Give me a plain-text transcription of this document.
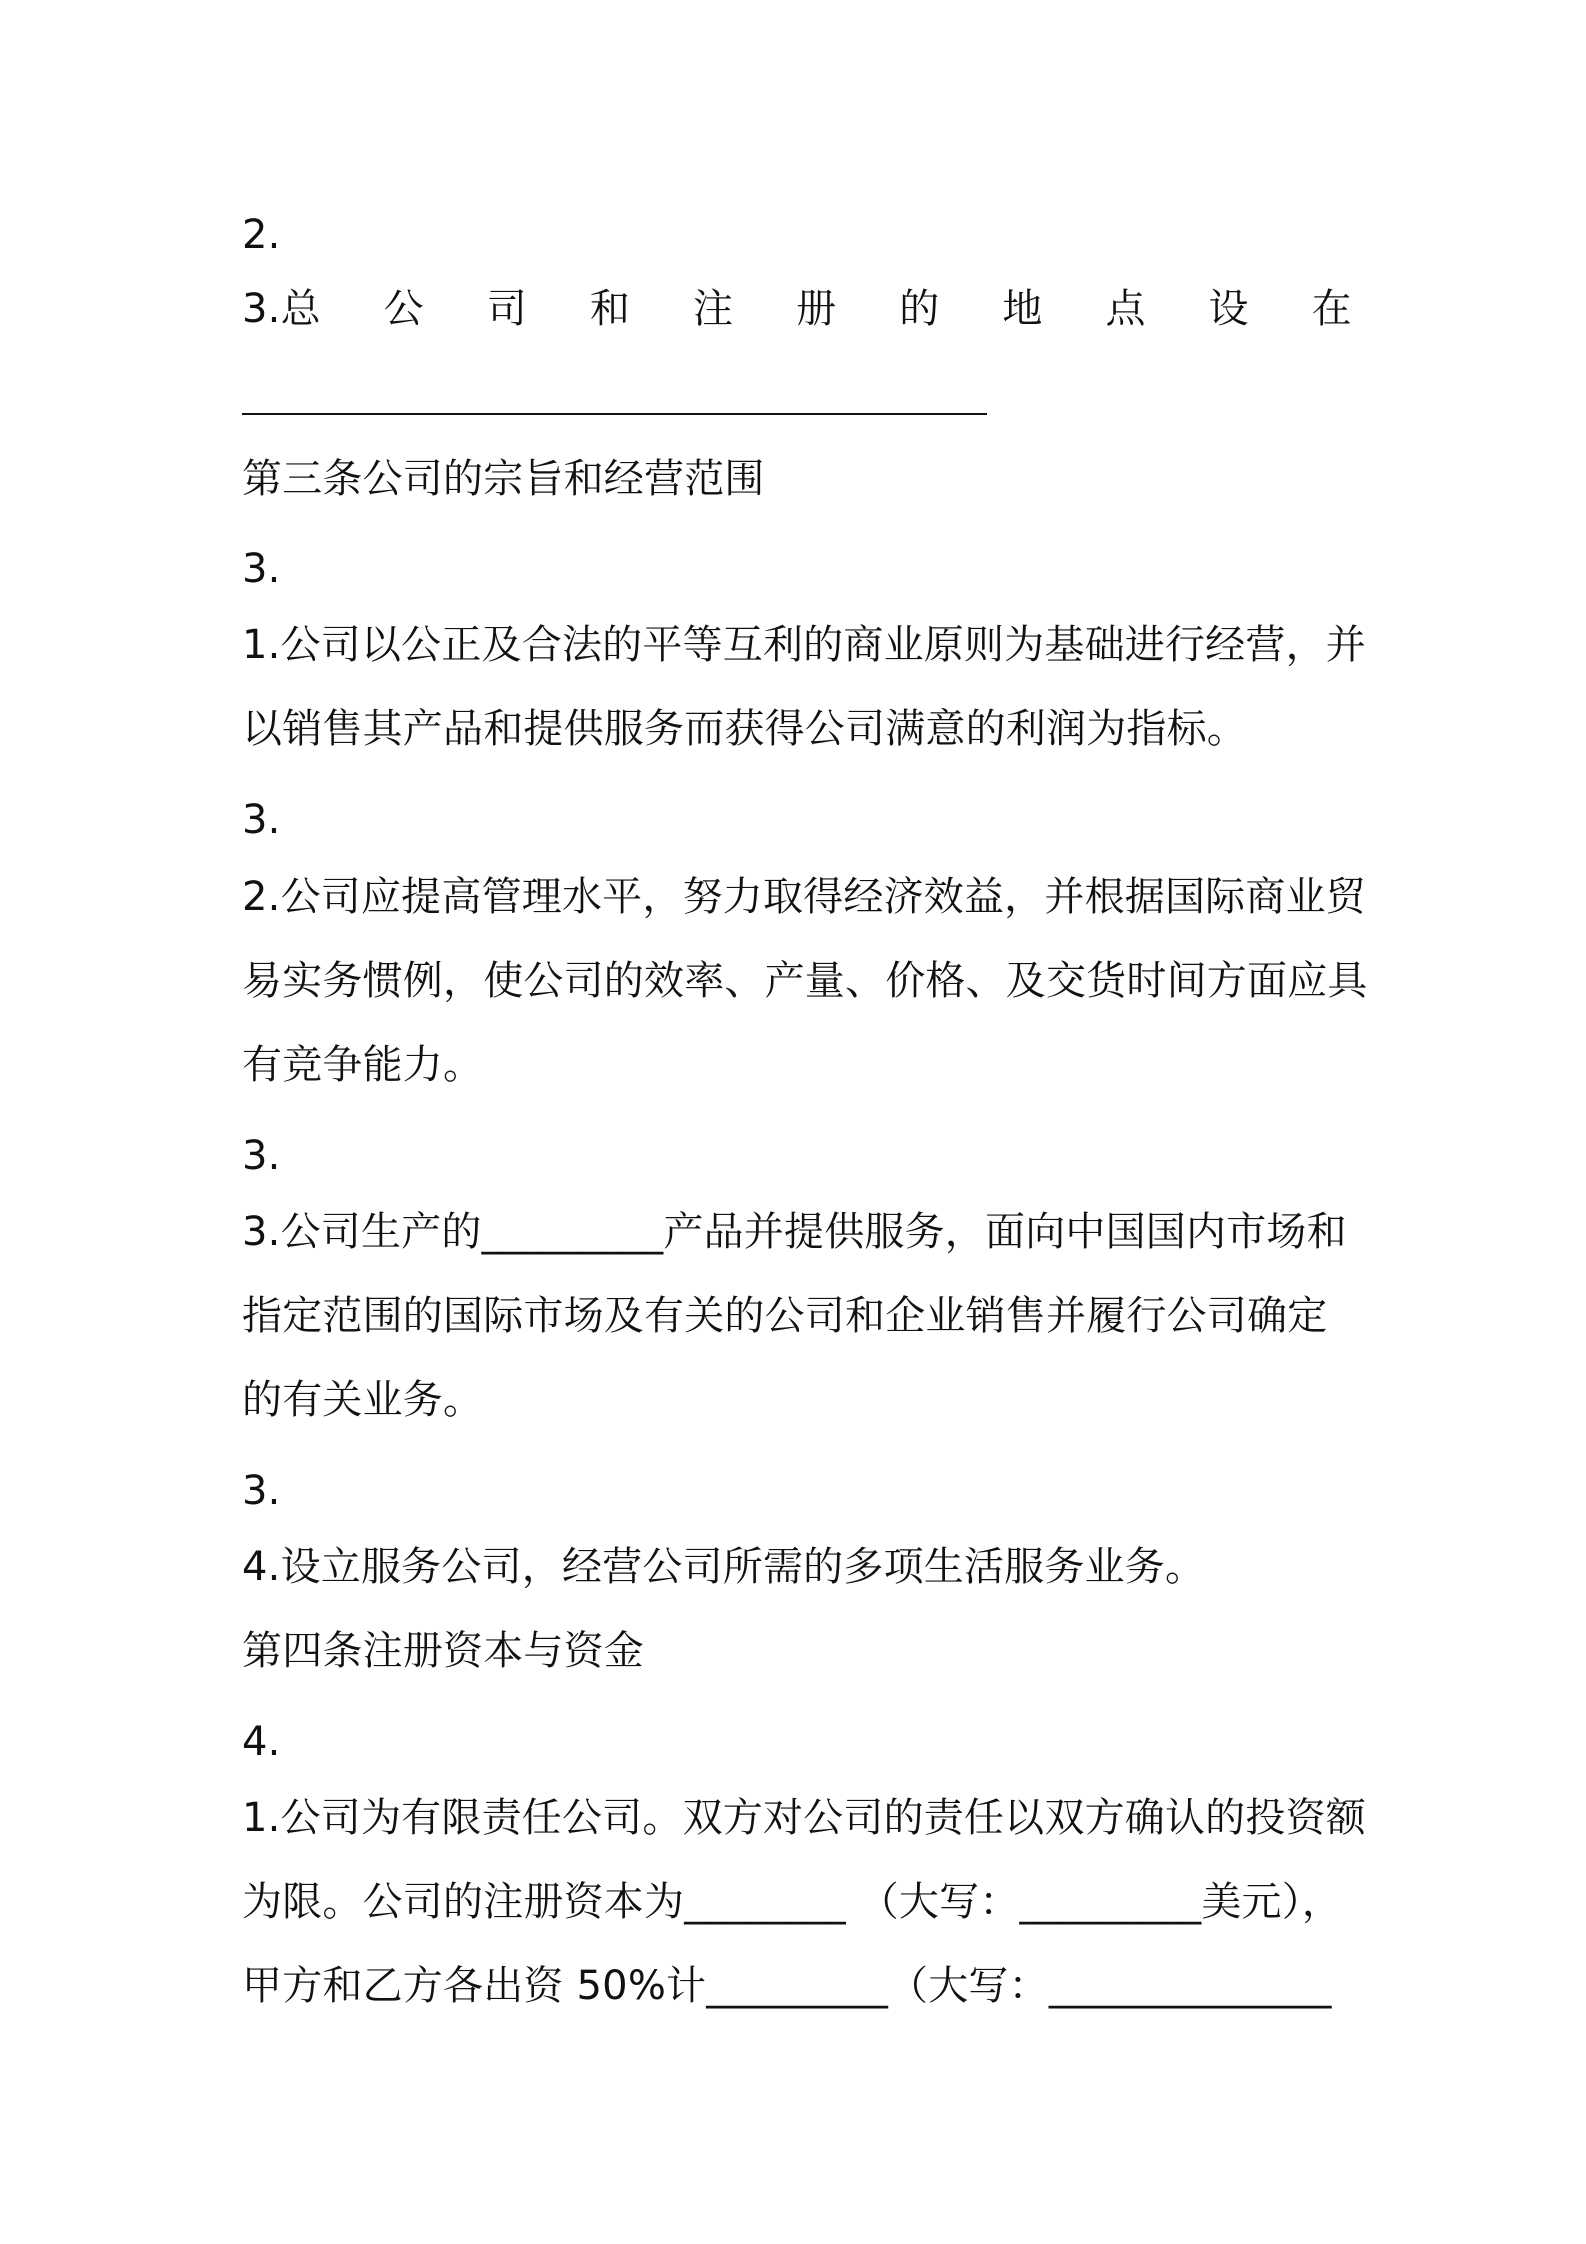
2.
3.总 公 司 和 注 册 的 地 点 设 在
第三条公司的宗旨和经营范围
3.
1.公司以公正及合法的平等互利的商业原则为基础进行经营，并
以销售其产品和提供服务而获得公司满意的利润为指标。
3.
2.公司应提高管理水平，努力取得经济效益，并根据国际商业贸
易实务惯例，使公司的效率、产量、价格、及交货时间方面应具
有竞争能力。
3.
3.公司生产的_________产品并提供服务，面向中国国内市场和
指定范围的国际市场及有关的公司和企业销售并履行公司确定
的有关业务。
3.
4.设立服务公司，经营公司所需的多项生活服务业务。
第四条注册资本与资金
4.
1.公司为有限责任公司。双方对公司的责任以双方确认的投资额
为限。公司的注册资本为________ （大写：_________美元），
甲方和乙方各出资 50%计_________（大写：______________
